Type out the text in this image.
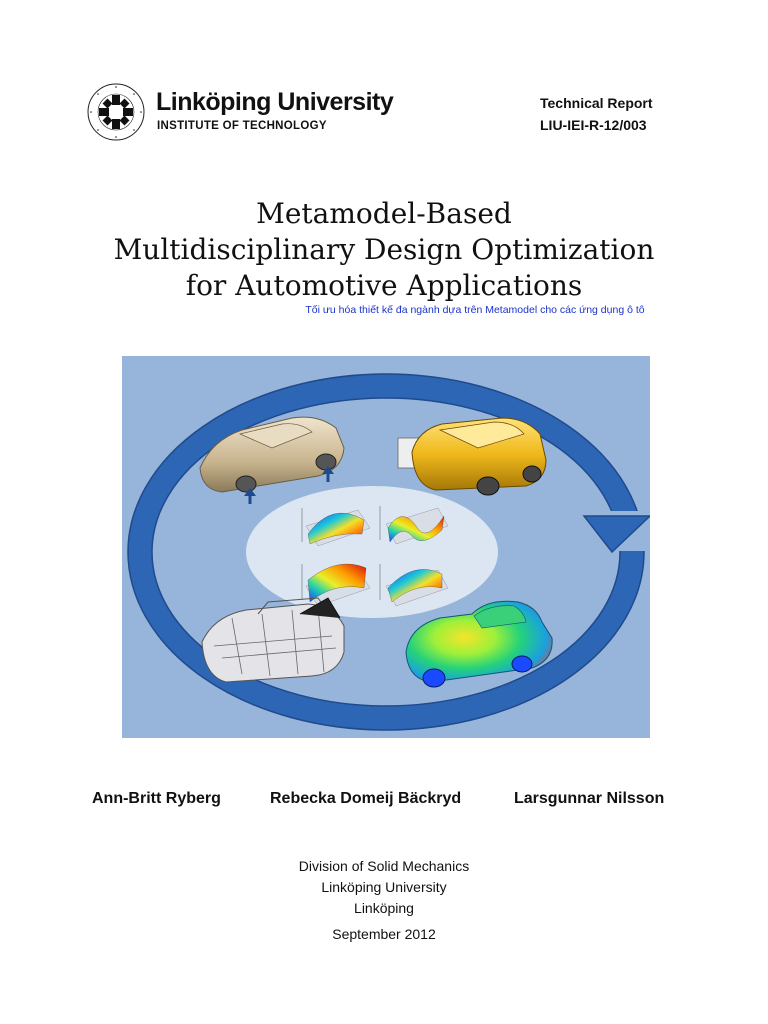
Linköping University
INSTITUTE OF TECHNOLOGY
Technical Report
LIU-IEI-R-12/003
Metamodel-Based
Multidisciplinary Design Optimization
for Automotive Applications
Tối ưu hóa thiết kế đa ngành dựa trên Metamodel cho các ứng dụng ô tô
Ann-Britt Ryberg	Rebecka Domeij Bäckryd	Larsgunnar Nilsson
Division of Solid Mechanics
Linköping University
Linköping
September 2012
